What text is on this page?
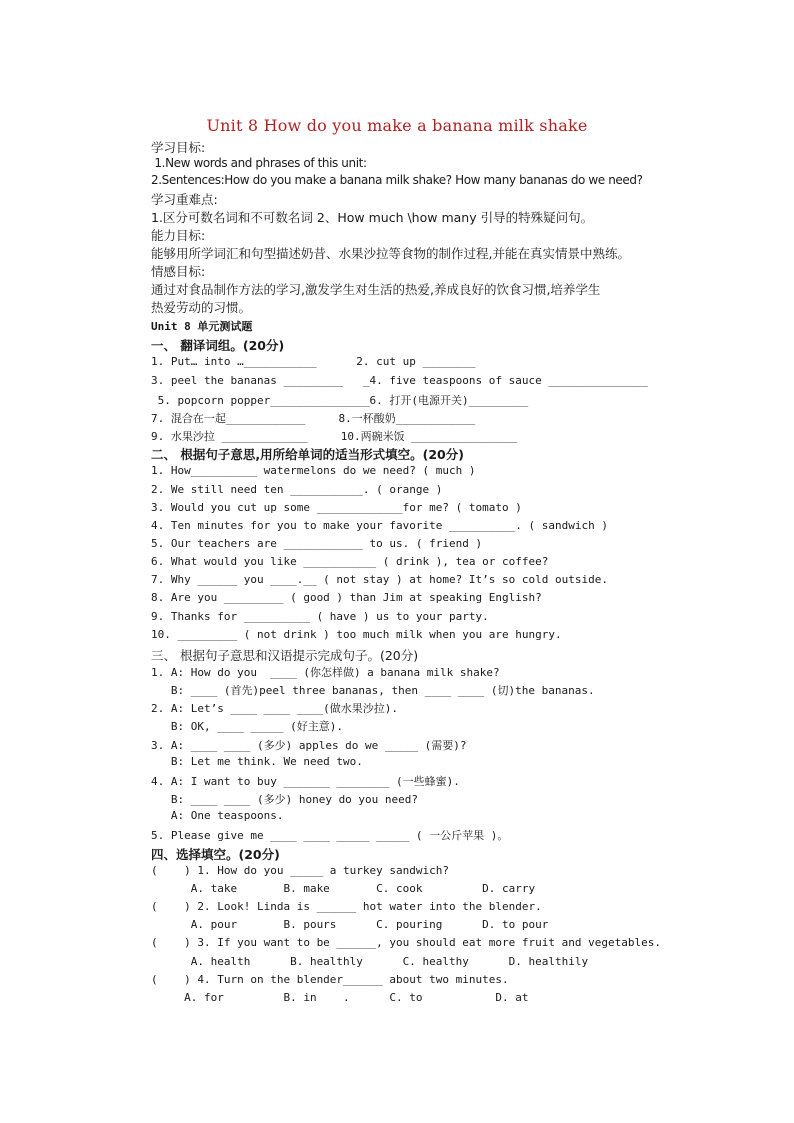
Unit 8 How do you make a banana milk shake
学习目标:
1.New words and phrases of this unit:
2.Sentences:How do you make a banana milk shake? How many bananas do we need?
学习重难点:
1.区分可数名词和不可数名词 2、How much \how many 引导的特殊疑问句。
能力目标:
能够用所学词汇和句型描述奶昔、水果沙拉等食物的制作过程,并能在真实情景中熟练。
情感目标:
通过对食品制作方法的学习,激发学生对生活的热爱,养成良好的饮食习惯,培养学生
热爱劳动的习惯。
Unit 8 单元测试题
一、 翻译词组。(20分)
1. Put… into …___________      2. cut up ________
3. peel the bananas _________   _4. five teaspoons of sauce _______________
5. popcorn popper_______________6. 打开(电源开关)_________
7. 混合在一起____________     8.一杯酸奶____________
9. 水果沙拉 _____________     10.两碗米饭 ________________
二、 根据句子意思,用所给单词的适当形式填空。(20分)
1. How__________ watermelons do we need? ( much )
2. We still need ten ___________. ( orange )
3. Would you cut up some _____________for me? ( tomato )
4. Ten minutes for you to make your favorite __________. ( sandwich )
5. Our teachers are ____________ to us. ( friend )
6. What would you like ___________ ( drink ), tea or coffee?
7. Why ______ you ____.__ ( not stay ) at home? It’s so cold outside.
8. Are you _________ ( good ) than Jim at speaking English?
9. Thanks for __________ ( have ) us to your party.
10. _________ ( not drink ) too much milk when you are hungry.
三、 根据句子意思和汉语提示完成句子。(20分)
1. A: How do you  ____ (你怎样做) a banana milk shake?
B: ____ (首先)peel three bananas, then ____ ____ (切)the bananas.
2. A: Let’s ____ ____ ____(做水果沙拉).
B: OK, ____ _____ (好主意).
3. A: ____ ____ (多少) apples do we _____ (需要)?
B: Let me think. We need two.
4. A: I want to buy _______ ________ (一些蜂蜜).
B: ____ ____ (多少) honey do you need?
A: One teaspoons.
5. Please give me ____ ____ _____ _____ ( 一公斤苹果 )。
四、选择填空。(20分)
(    ) 1. How do you _____ a turkey sandwich?
A. take       B. make       C. cook         D. carry
(    ) 2. Look! Linda is ______ hot water into the blender.
A. pour       B. pours      C. pouring      D. to pour
(    ) 3. If you want to be ______, you should eat more fruit and vegetables.
A. health      B. healthly      C. healthy      D. healthily
(    ) 4. Turn on the blender______ about two minutes.
A. for         B. in    .      C. to           D. at
